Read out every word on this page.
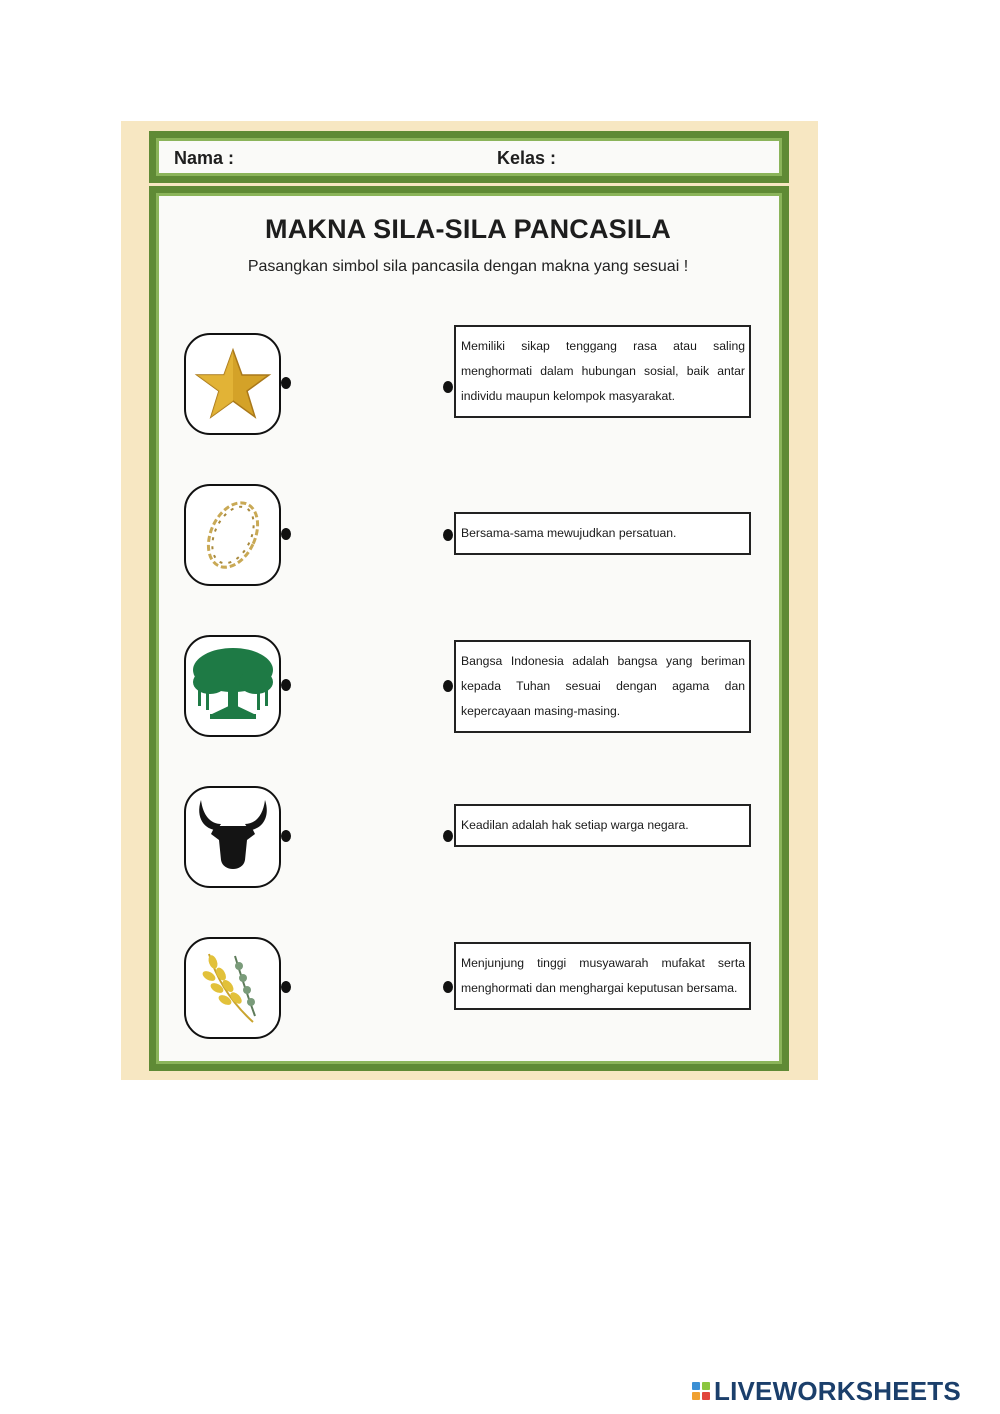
Nama :	Kelas :
MAKNA SILA-SILA PANCASILA
Pasangkan simbol sila pancasila dengan makna yang sesuai !
Memiliki sikap tenggang rasa atau saling menghormati dalam hubungan sosial, baik antar individu maupun kelompok masyarakat.
Bersama-sama mewujudkan persatuan.
Bangsa Indonesia adalah bangsa yang beriman kepada Tuhan sesuai dengan agama dan kepercayaan masing-masing.
Keadilan adalah hak setiap warga negara.
Menjunjung tinggi musyawarah mufakat serta menghormati dan menghargai keputusan bersama.
LIVEWORKSHEETS
